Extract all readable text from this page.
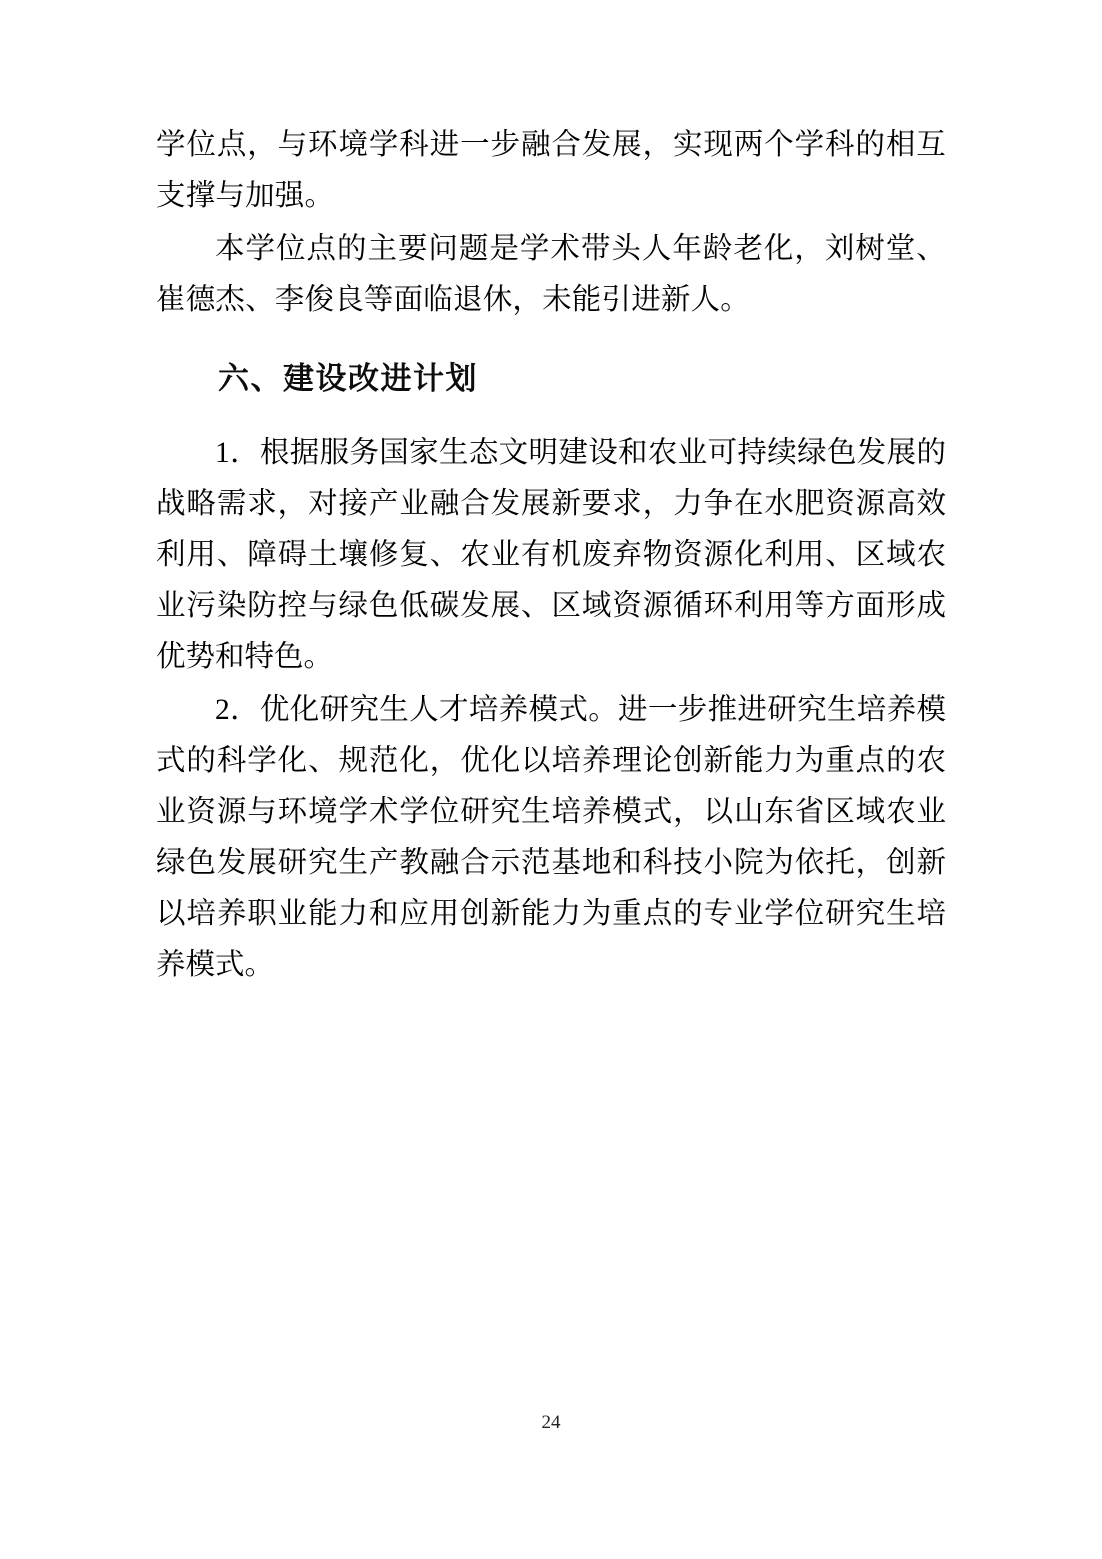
学位点，与环境学科进一步融合发展，实现两个学科的相互支撑与加强。

本学位点的主要问题是学术带头人年龄老化，刘树堂、崔德杰、李俊良等面临退休，未能引进新人。

六、建设改进计划

1．根据服务国家生态文明建设和农业可持续绿色发展的战略需求，对接产业融合发展新要求，力争在水肥资源高效利用、障碍土壤修复、农业有机废弃物资源化利用、区域农业污染防控与绿色低碳发展、区域资源循环利用等方面形成优势和特色。

2．优化研究生人才培养模式。进一步推进研究生培养模式的科学化、规范化，优化以培养理论创新能力为重点的农业资源与环境学术学位研究生培养模式，以山东省区域农业绿色发展研究生产教融合示范基地和科技小院为依托，创新以培养职业能力和应用创新能力为重点的专业学位研究生培养模式。

24
